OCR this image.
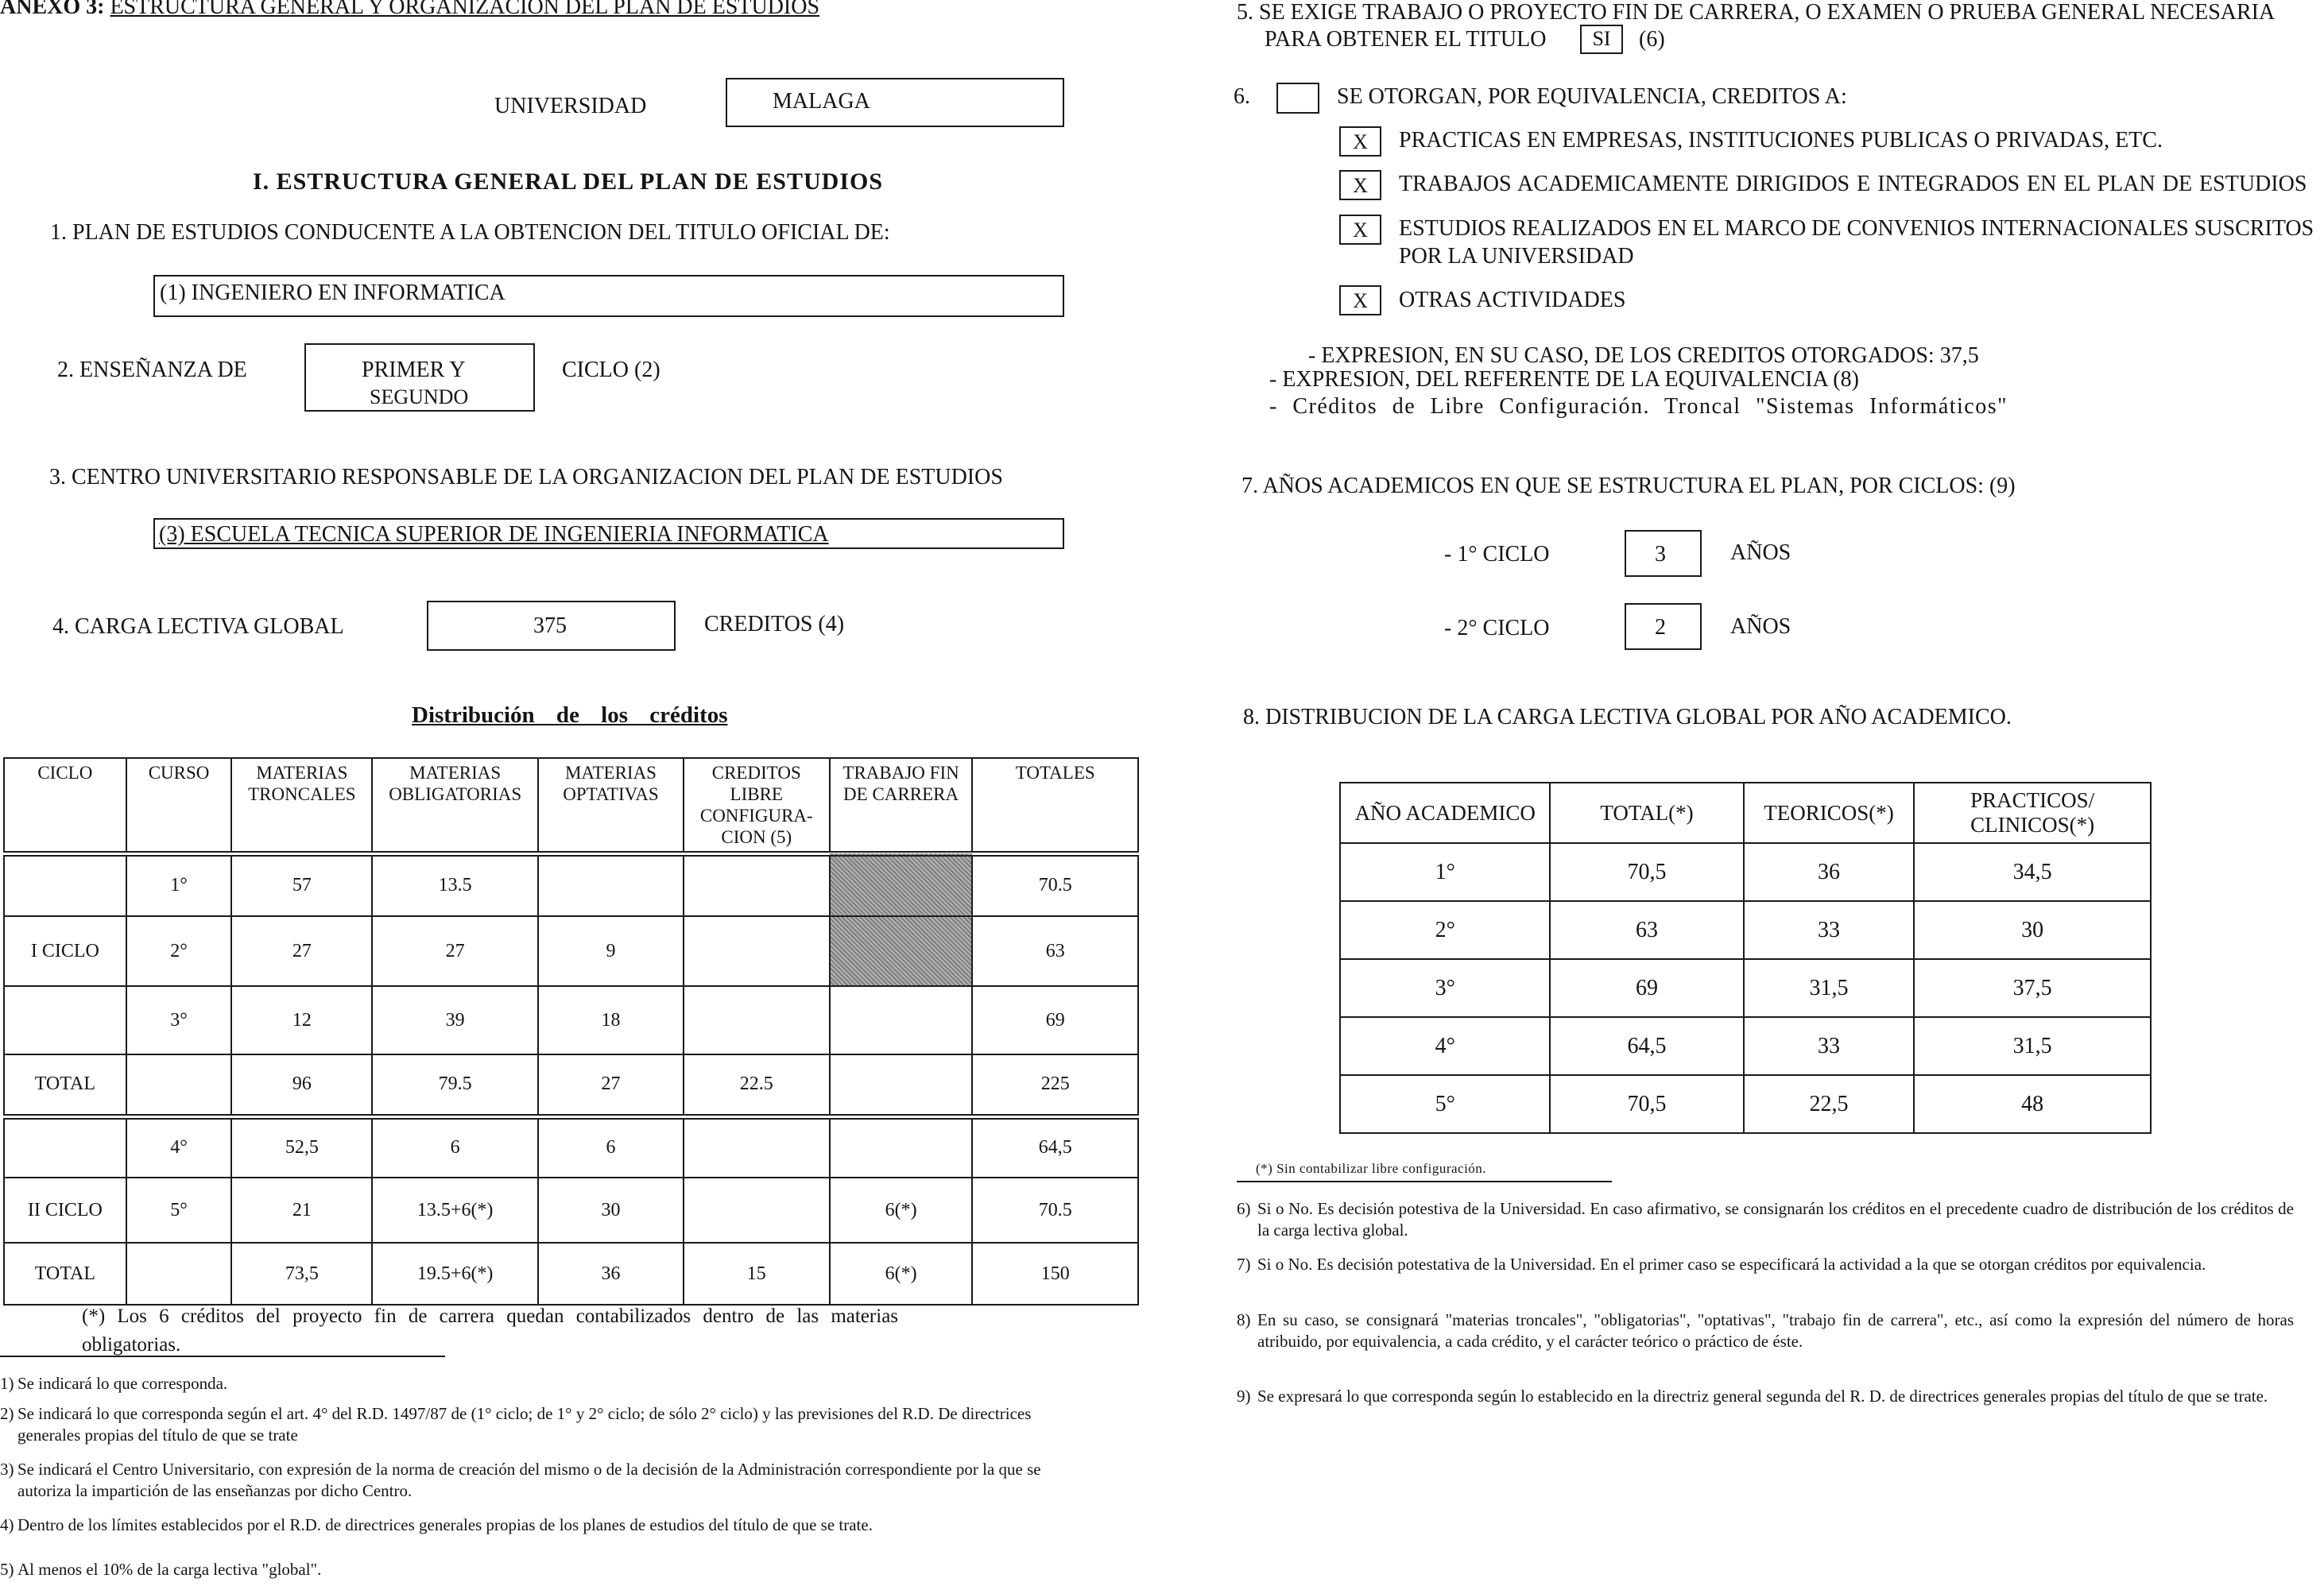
ANEXO 3: ESTRUCTURA GENERAL Y ORGANIZACION DEL PLAN DE ESTUDIOS
UNIVERSIDAD	MALAGA
I. ESTRUCTURA GENERAL DEL PLAN DE ESTUDIOS
1. PLAN DE ESTUDIOS CONDUCENTE A LA OBTENCION DEL TITULO OFICIAL DE:
(1) INGENIERO EN INFORMATICA
2. ENSEÑANZA DE	PRIMER Y
SEGUNDO
CICLO (2)
3. CENTRO UNIVERSITARIO RESPONSABLE DE LA ORGANIZACION DEL PLAN DE ESTUDIOS
(3) ESCUELA TECNICA SUPERIOR DE INGENIERIA INFORMATICA
4. CARGA LECTIVA GLOBAL	375	CREDITOS (4)
Distribución de los créditos
CICLO	CURSO	MATERIAS TRONCALES	MATERIAS OBLIGATORIAS	MATERIAS OPTATIVAS	CREDITOS LIBRE CONFIGURA- CION (5)	TRABAJO FIN DE CARRERA	TOTALES
	1°	57	13.5				70.5
I CICLO	2°	27	27	9			63
	3°	12	39	18			69
TOTAL		96	79.5	27	22.5		225
	4°	52,5	6	6			64,5
II CICLO	5°	21	13.5+6(*)	30		6(*)	70.5
TOTAL		73,5	19.5+6(*)	36	15	6(*)	150
(*) Los 6 créditos del proyecto fin de carrera quedan contabilizados dentro de las materias
obligatorias.
1) Se indicará lo que corresponda.
2) Se indicará lo que corresponda según el art. 4° del R.D. 1497/87 de (1° ciclo; de 1° y 2° ciclo; de sólo 2° ciclo) y las previsiones del R.D. De directrices generales propias del título de que se trate
3) Se indicará el Centro Universitario, con expresión de la norma de creación del mismo o de la decisión de la Administración correspondiente por la que se autoriza la impartición de las enseñanzas por dicho Centro.
4) Dentro de los límites establecidos por el R.D. de directrices generales propias de los planes de estudios del título de que se trate.
5) Al menos el 10% de la carga lectiva "global".
5. SE EXIGE TRABAJO O PROYECTO FIN DE CARRERA, O EXAMEN O PRUEBA GENERAL NECESARIA
PARA OBTENER EL TITULO	SI	(6)
6.	SE OTORGAN, POR EQUIVALENCIA, CREDITOS A:
X	PRACTICAS EN EMPRESAS, INSTITUCIONES PUBLICAS O PRIVADAS, ETC.
X	TRABAJOS ACADEMICAMENTE DIRIGIDOS E INTEGRADOS EN EL PLAN DE ESTUDIOS
X	ESTUDIOS REALIZADOS EN EL MARCO DE CONVENIOS INTERNACIONALES SUSCRITOS
POR LA UNIVERSIDAD
X	OTRAS ACTIVIDADES
- EXPRESION, EN SU CASO, DE LOS CREDITOS OTORGADOS: 37,5
- EXPRESION, DEL REFERENTE DE LA EQUIVALENCIA (8)
- Créditos de Libre Configuración. Troncal "Sistemas Informáticos"
7. AÑOS ACADEMICOS EN QUE SE ESTRUCTURA EL PLAN, POR CICLOS: (9)
- 1° CICLO	3	AÑOS
- 2° CICLO	2	AÑOS
8. DISTRIBUCION DE LA CARGA LECTIVA GLOBAL POR AÑO ACADEMICO.
AÑO ACADEMICO	TOTAL(*)	TEORICOS(*)	PRACTICOS/ CLINICOS(*)
1°	70,5	36	34,5
2°	63	33	30
3°	69	31,5	37,5
4°	64,5	33	31,5
5°	70,5	22,5	48
(*) Sin contabilizar libre configuración.
6) Si o No. Es decisión potestiva de la Universidad. En caso afirmativo, se consignarán los créditos en el precedente cuadro de distribución de los créditos de la carga lectiva global.
7) Si o No. Es decisión potestativa de la Universidad. En el primer caso se especificará la actividad a la que se otorgan créditos por equivalencia.
8) En su caso, se consignará "materias troncales", "obligatorias", "optativas", "trabajo fin de carrera", etc., así como la expresión del número de horas atribuido, por equivalencia, a cada crédito, y el carácter teórico o práctico de éste.
9) Se expresará lo que corresponda según lo establecido en la directriz general segunda del R. D. de directrices generales propias del título de que se trate.
